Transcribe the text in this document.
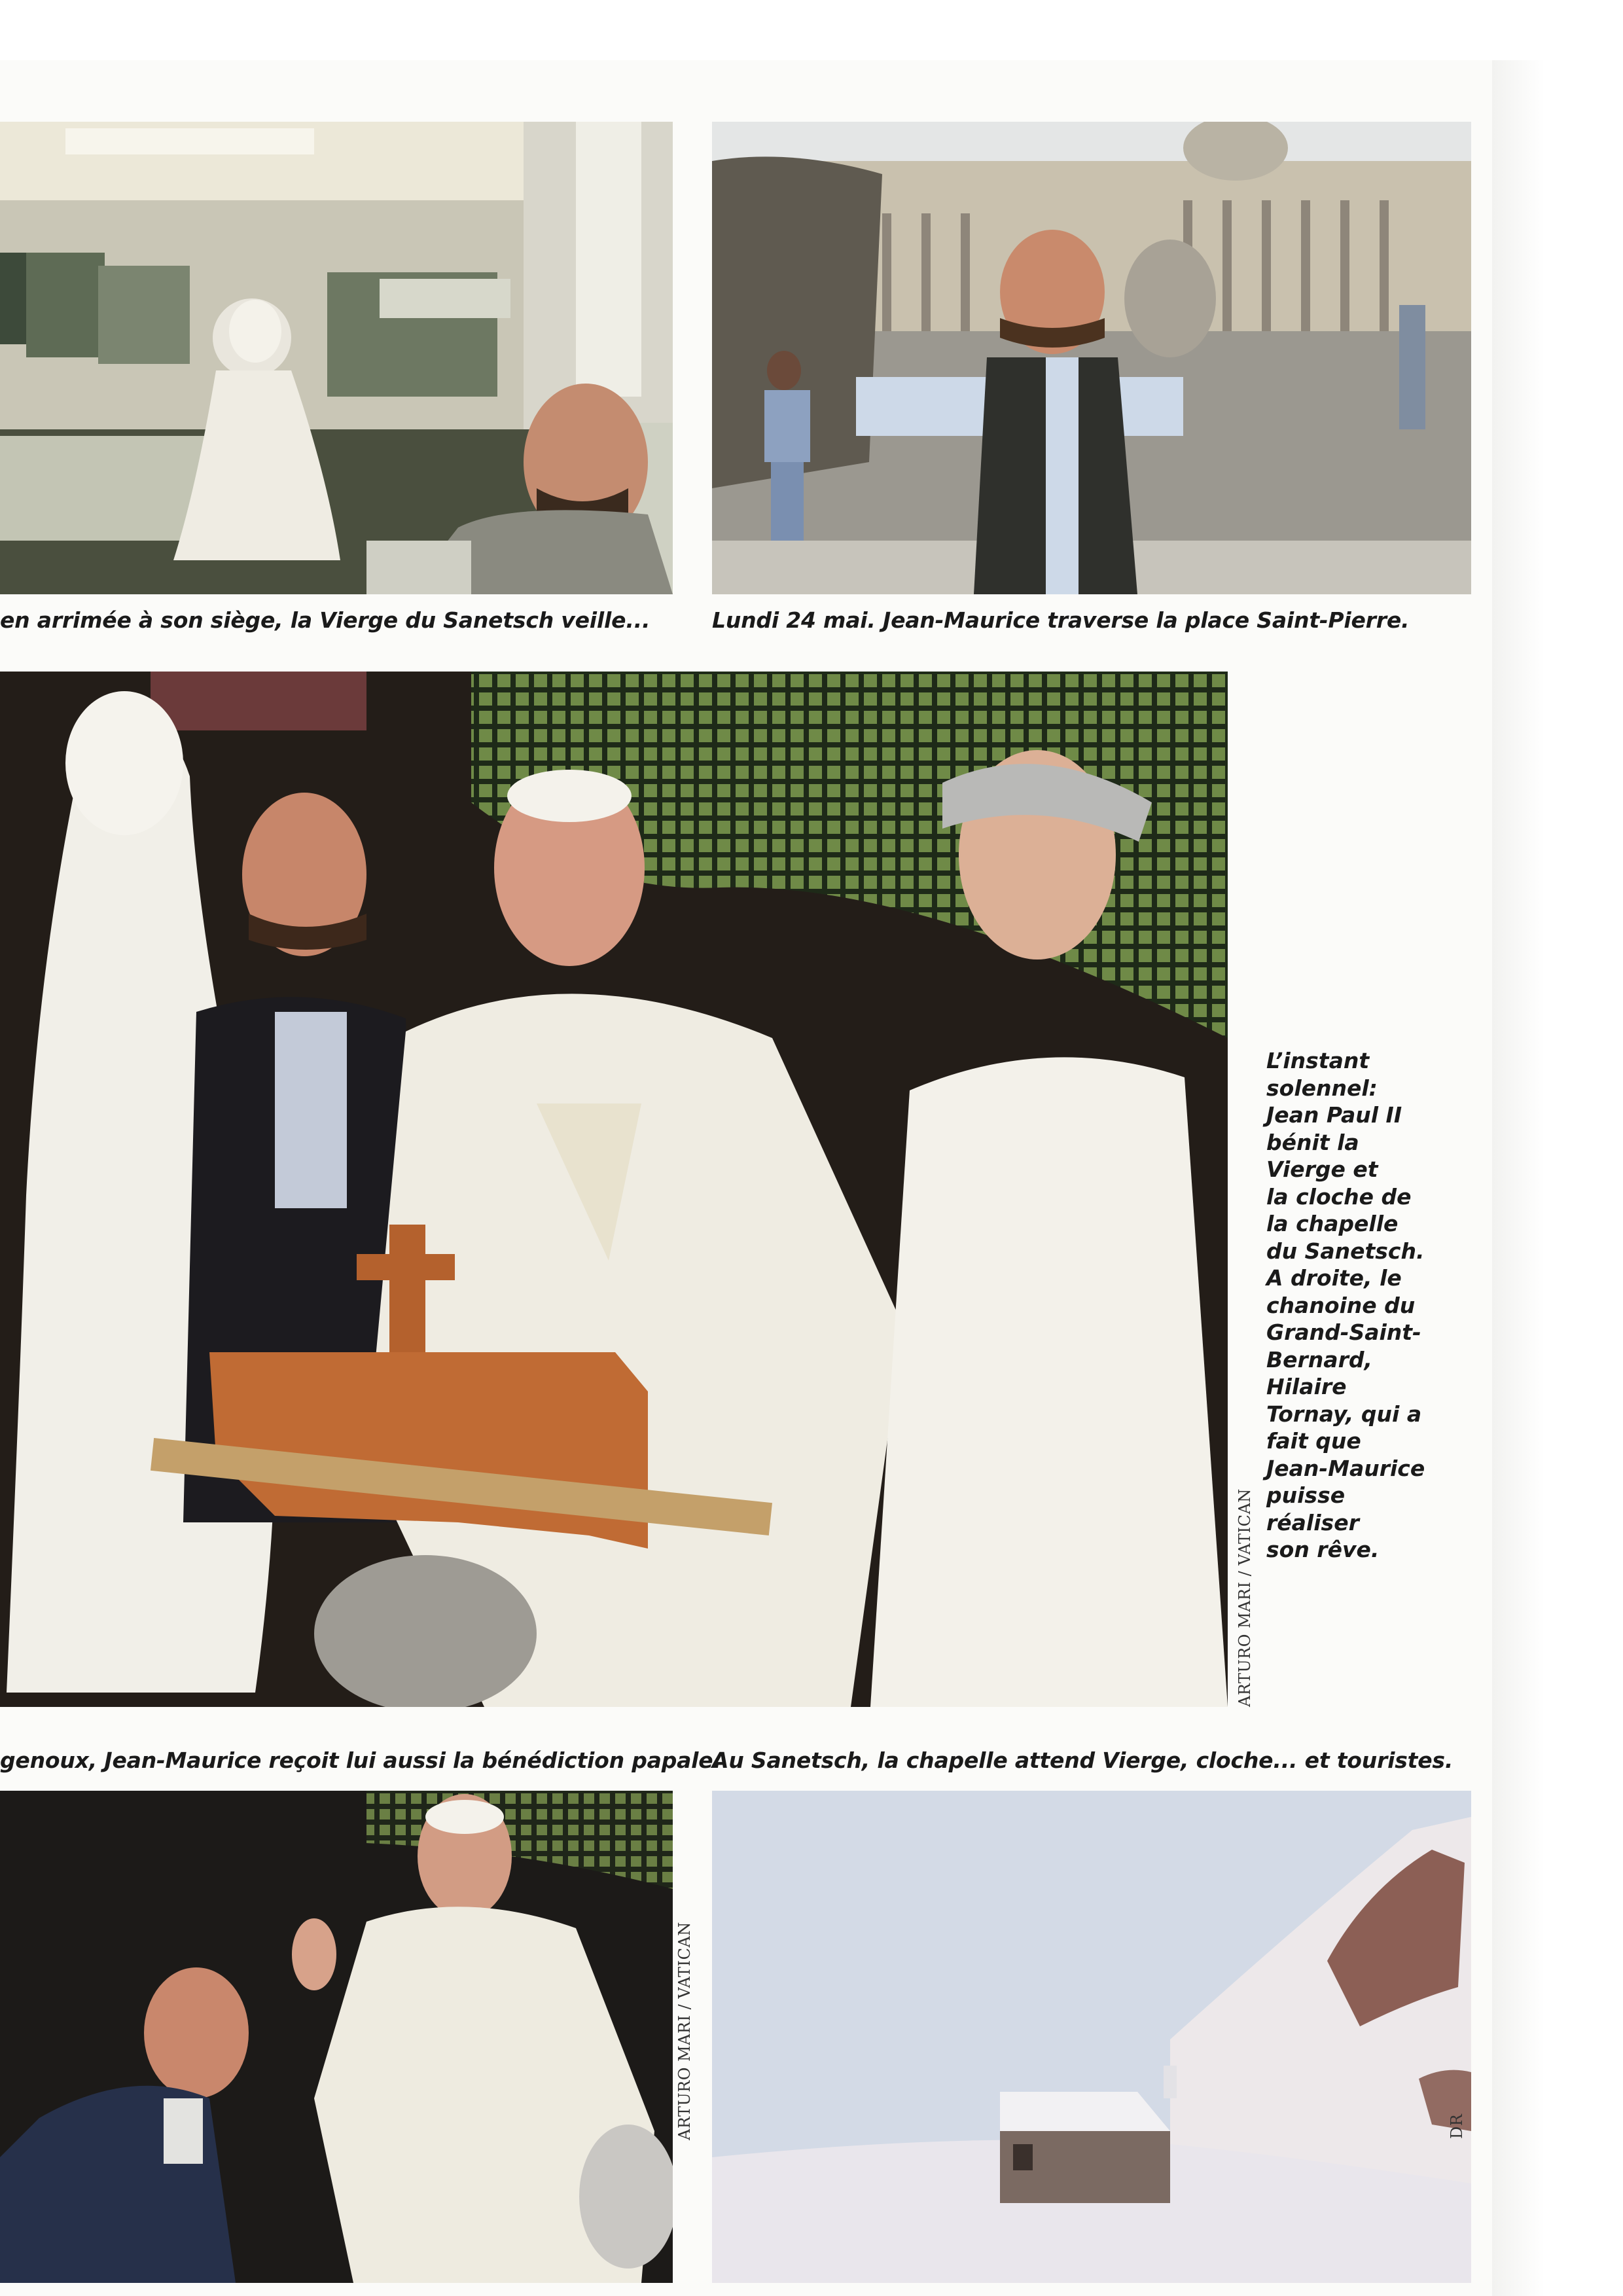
en arrimée à son siège, la Vierge du Sanetsch veille...	Lundi 24 mai. Jean-Maurice traverse la place Saint-Pierre.
ARTURO MARI / VATICAN
L’instant
solennel:
Jean Paul II
bénit la
Vierge et
la cloche de
la chapelle
du Sanetsch.
A droite, le
chanoine du
Grand-Saint-
Bernard,
Hilaire
Tornay, qui a
fait que
Jean-Maurice
puisse
réaliser
son rêve.
genoux, Jean-Maurice reçoit lui aussi la bénédiction papale.
Au Sanetsch, la chapelle attend Vierge, cloche... et touristes.
ARTURO MARI / VATICAN	DR
